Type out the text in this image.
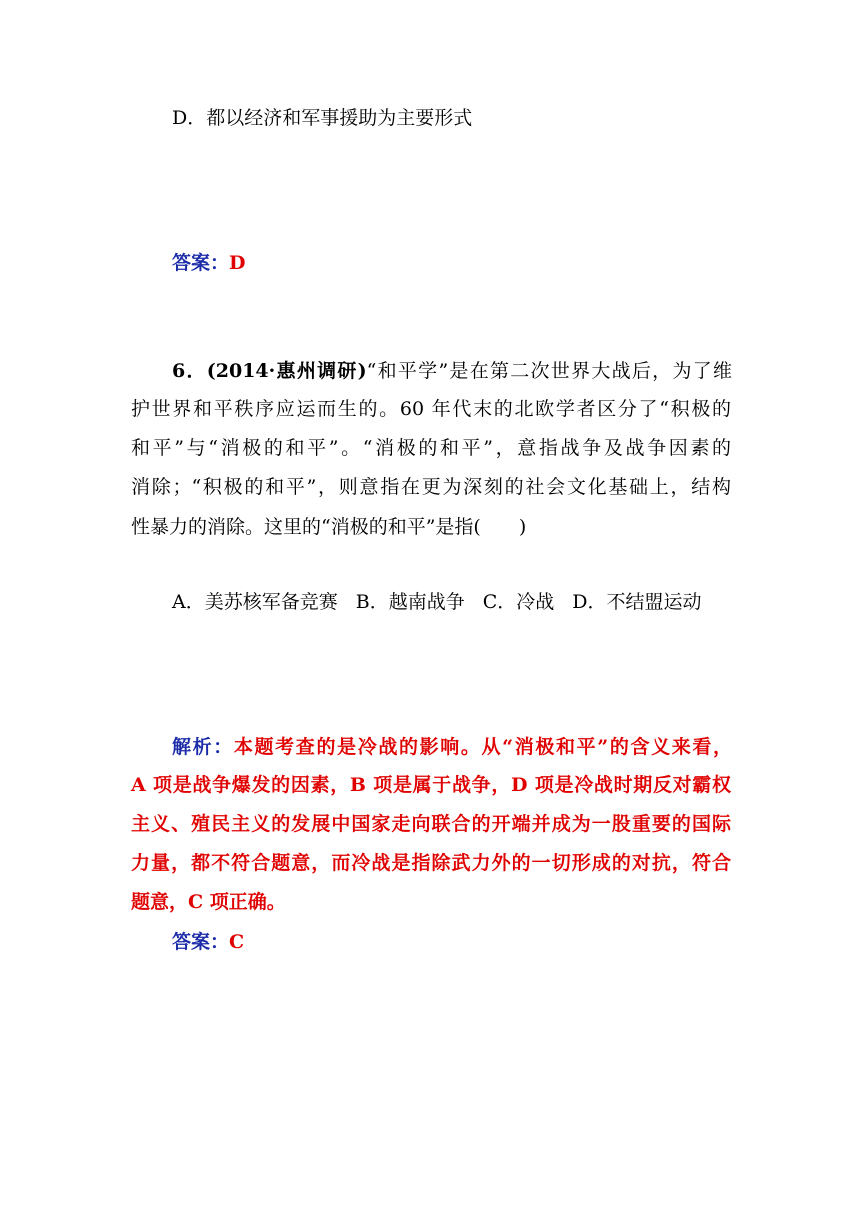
D．都以经济和军事援助为主要形式
答案：D
6．(2014·惠州调研)“和平学”是在第二次世界大战后，为了维
护世界和平秩序应运而生的。60 年代末的北欧学者区分了“积极的
和平”与“消极的和平”。“消极的和平”，意指战争及战争因素的
消除；“积极的和平”，则意指在更为深刻的社会文化基础上，结构
性暴力的消除。这里的“消极的和平”是指(　　)
A．美苏核军备竞赛 B．越南战争 C．冷战 D．不结盟运动
解析：本题考查的是冷战的影响。从“消极和平”的含义来看，
A 项是战争爆发的因素，B 项是属于战争，D 项是冷战时期反对霸权
主义、殖民主义的发展中国家走向联合的开端并成为一股重要的国际
力量，都不符合题意，而冷战是指除武力外的一切形成的对抗，符合
题意，C 项正确。
答案：C
